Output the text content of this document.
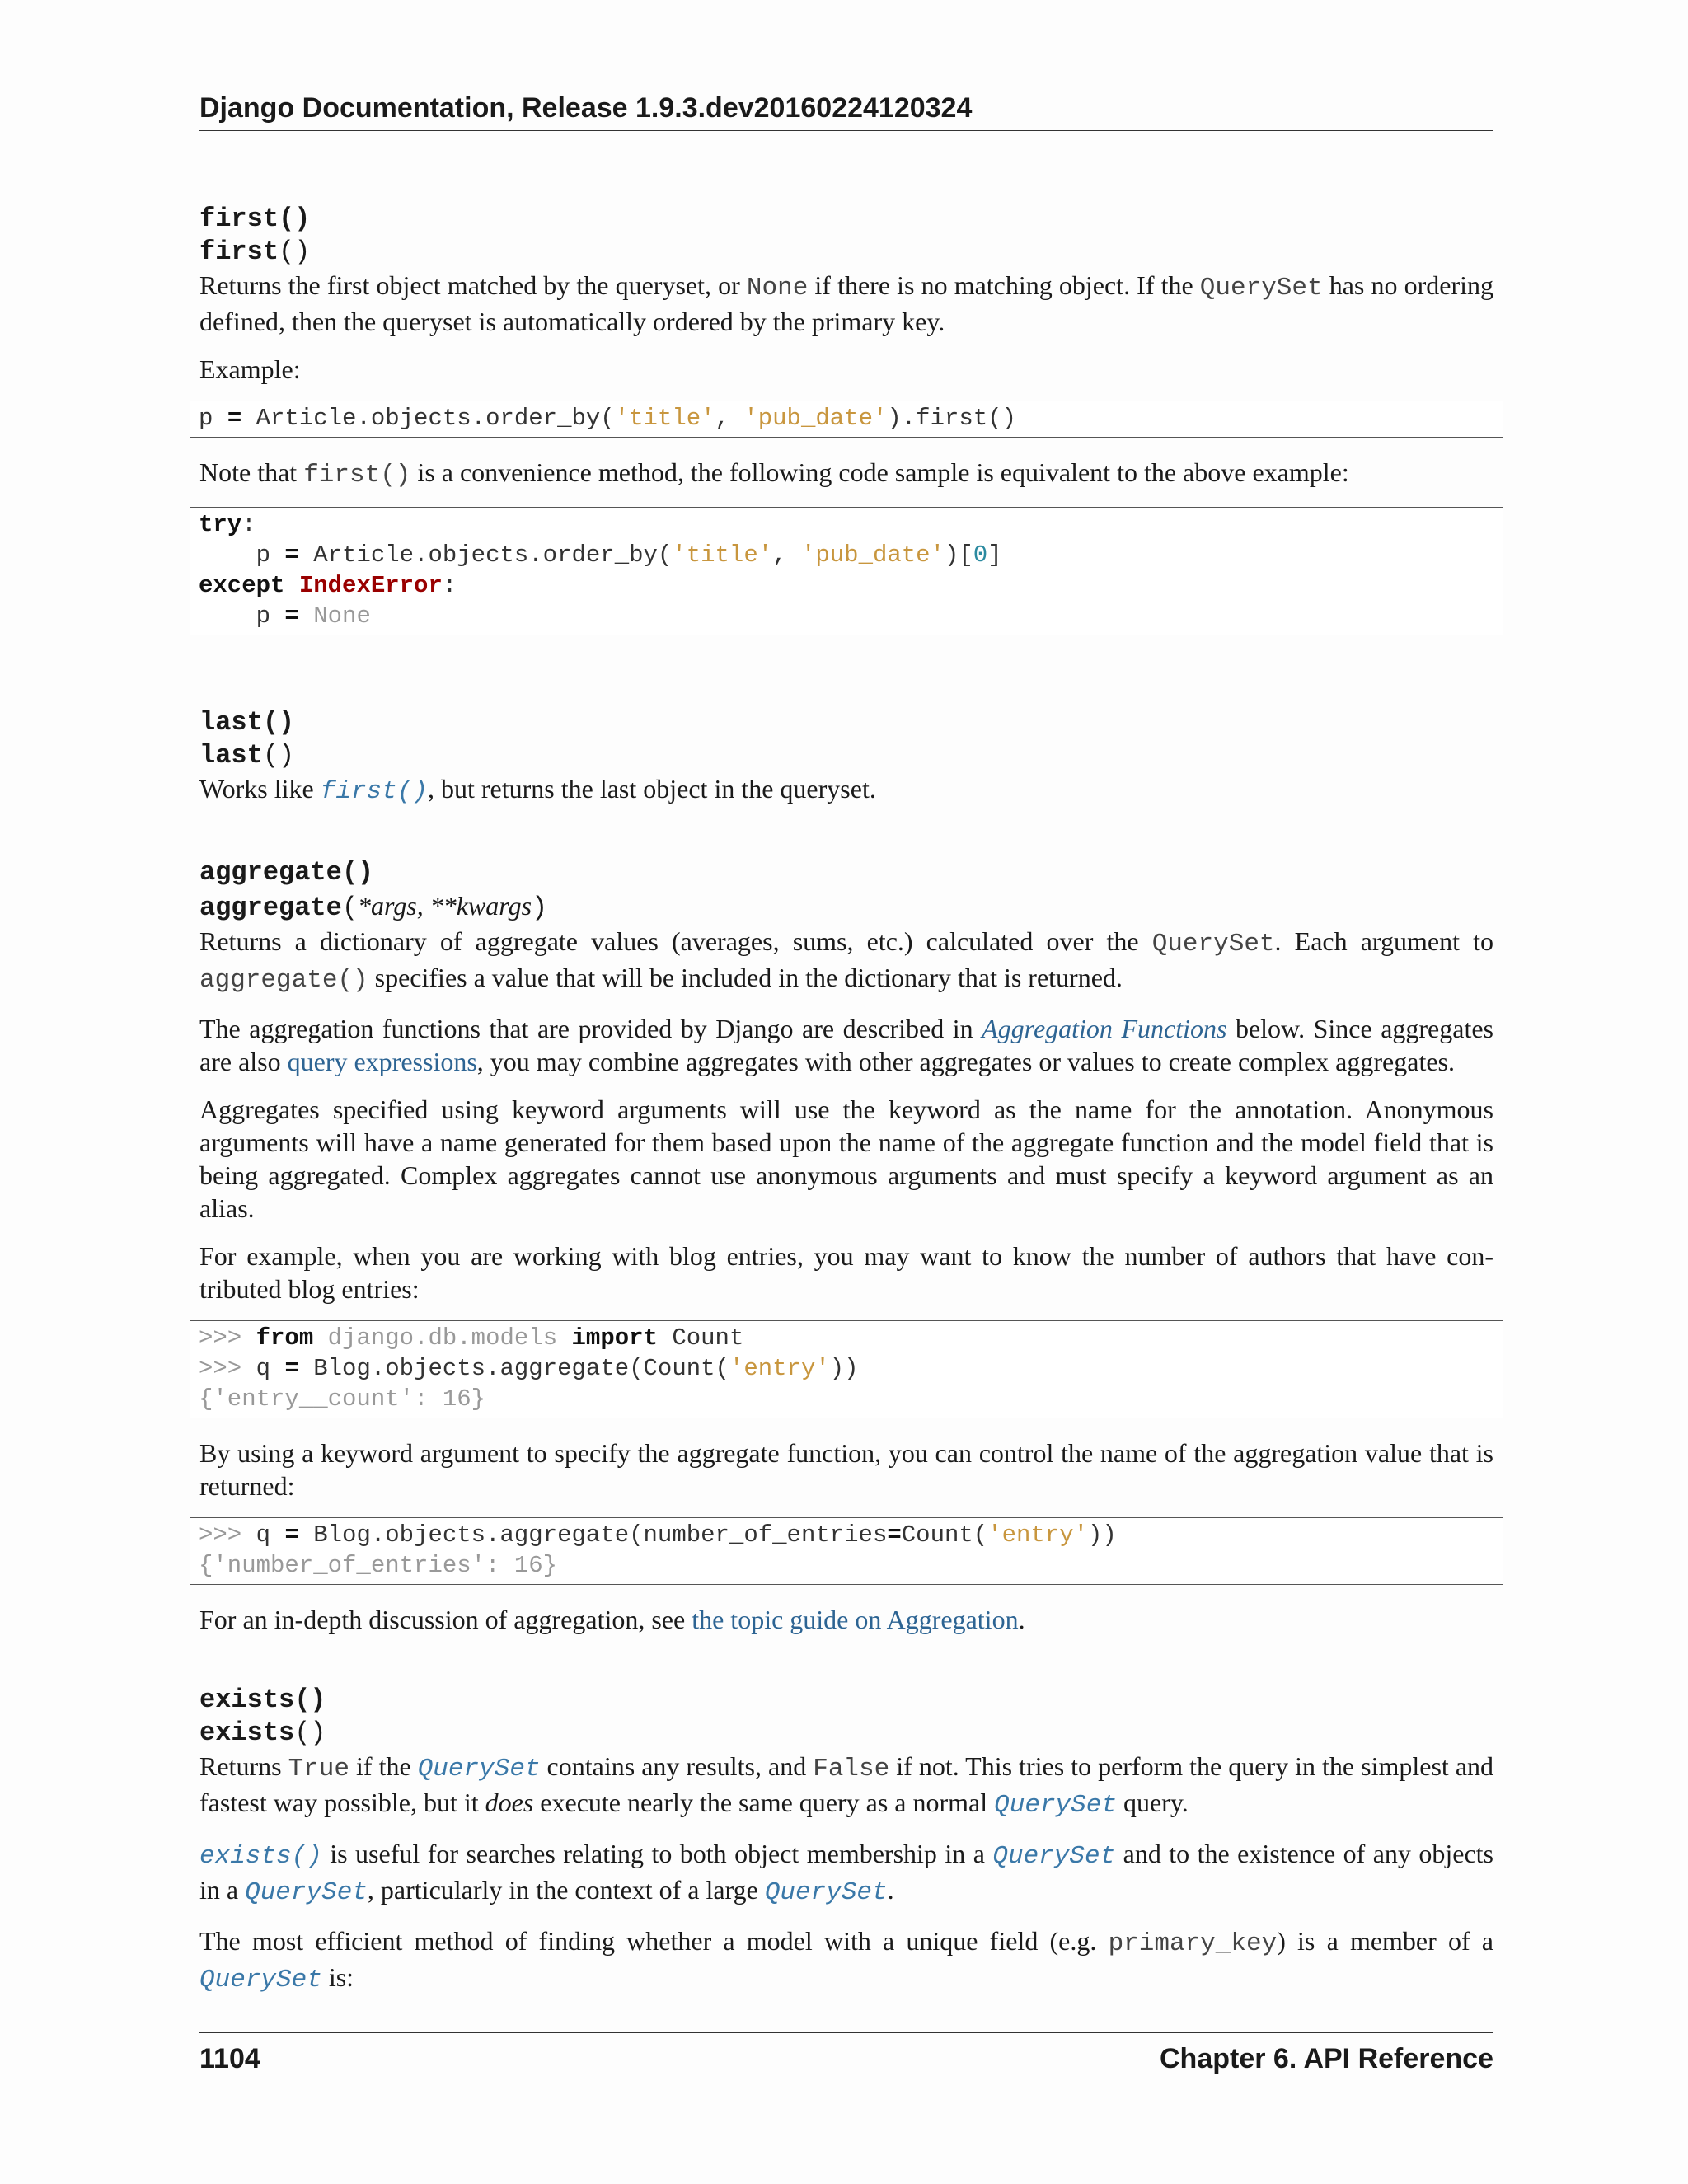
Django Documentation, Release 1.9.3.dev20160224120324
first()
first()

Returns the first object matched by the queryset, or None if there is no matching object. If the QuerySet has no ordering defined, then the queryset is automatically ordered by the primary key.

Example:

p = Article.objects.order_by('title', 'pub_date').first()

Note that first() is a convenience method, the following code sample is equivalent to the above example:

try:
p = Article.objects.order_by('title', 'pub_date')[0]
except IndexError:
p = None
last()
last()

Works like first(), but returns the last object in the queryset.

aggregate()
aggregate(*args, **kwargs)

Returns a dictionary of aggregate values (averages, sums, etc.) calculated over the QuerySet. Each argument to aggregate() specifies a value that will be included in the dictionary that is returned.

The aggregation functions that are provided by Django are described in Aggregation Functions below. Since aggregates are also query expressions, you may combine aggregates with other aggregates or values to create complex aggregates.

Aggregates specified using keyword arguments will use the keyword as the name for the annotation. Anonymous arguments will have a name generated for them based upon the name of the aggregate function and the model field that is being aggregated. Complex aggregates cannot use anonymous arguments and must specify a keyword argument as an alias.

For example, when you are working with blog entries, you may want to know the number of authors that have con-tributed blog entries:

>>> from django.db.models import Count
>>> q = Blog.objects.aggregate(Count('entry'))
{'entry__count': 16}

By using a keyword argument to specify the aggregate function, you can control the name of the aggregation value that is returned:

>>> q = Blog.objects.aggregate(number_of_entries=Count('entry'))
{'number_of_entries': 16}

For an in-depth discussion of aggregation, see the topic guide on Aggregation.

exists()
exists()

Returns True if the QuerySet contains any results, and False if not. This tries to perform the query in the simplest and fastest way possible, but it does execute nearly the same query as a normal QuerySet query.

exists() is useful for searches relating to both object membership in a QuerySet and to the existence of any objects in a QuerySet, particularly in the context of a large QuerySet.

The most efficient method of finding whether a model with a unique field (e.g. primary_key) is a member of a QuerySet is:

1104	Chapter 6. API Reference
